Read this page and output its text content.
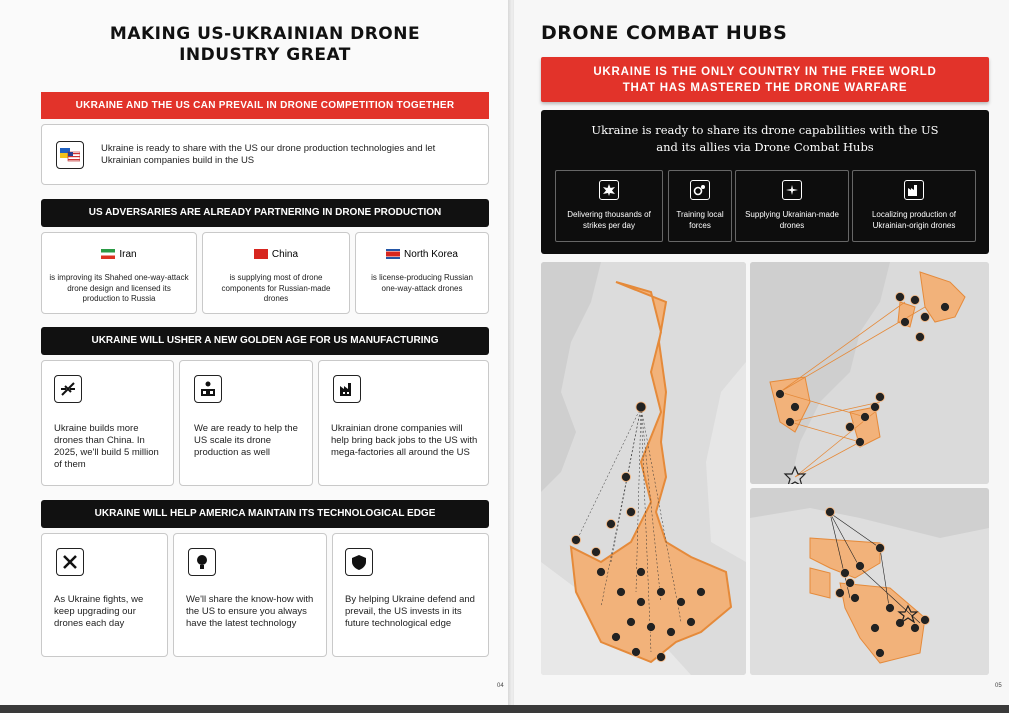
MAKING US-UKRAINIAN DRONE
INDUSTRY GREAT
UKRAINE AND THE US CAN PREVAIL IN DRONE COMPETITION TOGETHER
Ukraine is ready to share with the US our drone production technologies and let Ukrainian companies build in the US
US ADVERSARIES ARE ALREADY PARTNERING IN DRONE PRODUCTION
Iran
is improving its Shahed one-way-attack drone design and licensed its production to Russia
China
is supplying most of drone components for Russian-made drones
North Korea
is license-producing Russian one-way-attack drones
UKRAINE WILL USHER A NEW GOLDEN AGE FOR US MANUFACTURING
Ukraine builds more drones than China. In 2025, we'll build 5 million of them
We are ready to help the US scale its drone production as well
Ukrainian drone companies will help bring back jobs to the US with mega-factories all around the US
UKRAINE WILL HELP AMERICA MAINTAIN ITS TECHNOLOGICAL EDGE
As Ukraine fights, we keep upgrading our drones each day
We'll share the know-how with the US to ensure you always have the latest technology
By helping Ukraine defend and prevail, the US invests in its future technological edge
04
DRONE COMBAT HUBS
UKRAINE IS THE ONLY COUNTRY IN THE FREE WORLD
THAT HAS MASTERED THE DRONE WARFARE
Ukraine is ready to share its drone capabilities with the US
and its allies via Drone Combat Hubs
Delivering thousands of strikes per day
Training local forces
Supplying Ukrainian-made drones
Localizing production of Ukrainian-origin drones
05
